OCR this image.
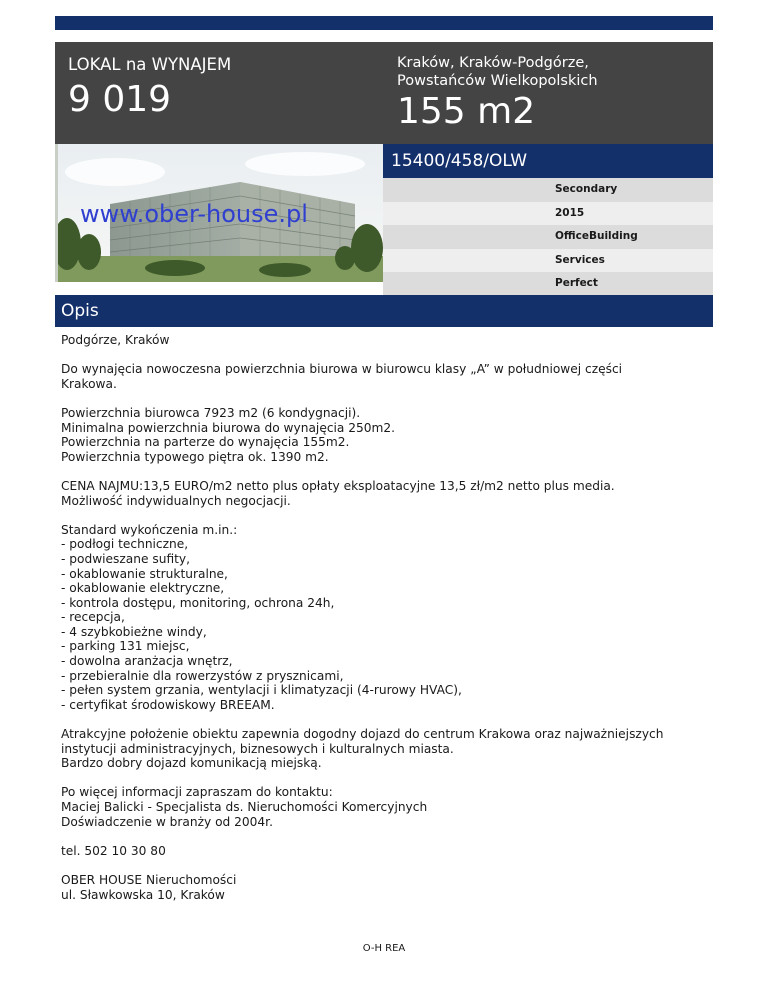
LOKAL na WYNAJEM
9 019
Kraków, Kraków-Podgórze,
Powstańców Wielkopolskich
155 m2
www.ober-house.pl
15400/458/OLW
Secondary
2015
OfficeBuilding
Services
Perfect
Opis

Podgórze, Kraków

Do wynajęcia nowoczesna powierzchnia biurowa w biurowcu klasy „A” w południowej części
Krakowa.

Powierzchnia biurowca 7923 m2 (6 kondygnacji).
Minimalna powierzchnia biurowa do wynajęcia 250m2.
Powierzchnia na parterze do wynajęcia 155m2.
Powierzchnia typowego piętra ok. 1390 m2.

CENA NAJMU:13,5 EURO/m2 netto plus opłaty eksploatacyjne 13,5 zł/m2 netto plus media.
Możliwość indywidualnych negocjacji.

Standard wykończenia m.in.:
- podłogi techniczne,
- podwieszane sufity,
- okablowanie strukturalne,
- okablowanie elektryczne,
- kontrola dostępu, monitoring, ochrona 24h,
- recepcja,
- 4 szybkobieżne windy,
- parking 131 miejsc,
- dowolna aranżacja wnętrz,
- przebieralnie dla rowerzystów z prysznicami,
- pełen system grzania, wentylacji i klimatyzacji (4-rurowy HVAC),
- certyfikat środowiskowy BREEAM.

Atrakcyjne położenie obiektu zapewnia dogodny dojazd do centrum Krakowa oraz najważniejszych
instytucji administracyjnych, biznesowych i kulturalnych miasta.
Bardzo dobry dojazd komunikacją miejską.

Po więcej informacji zapraszam do kontaktu:
Maciej Balicki - Specjalista ds. Nieruchomości Komercyjnych
Doświadczenie w branży od 2004r.

tel. 502 10 30 80

OBER HOUSE Nieruchomości
ul. Sławkowska 10, Kraków

O-H REA
